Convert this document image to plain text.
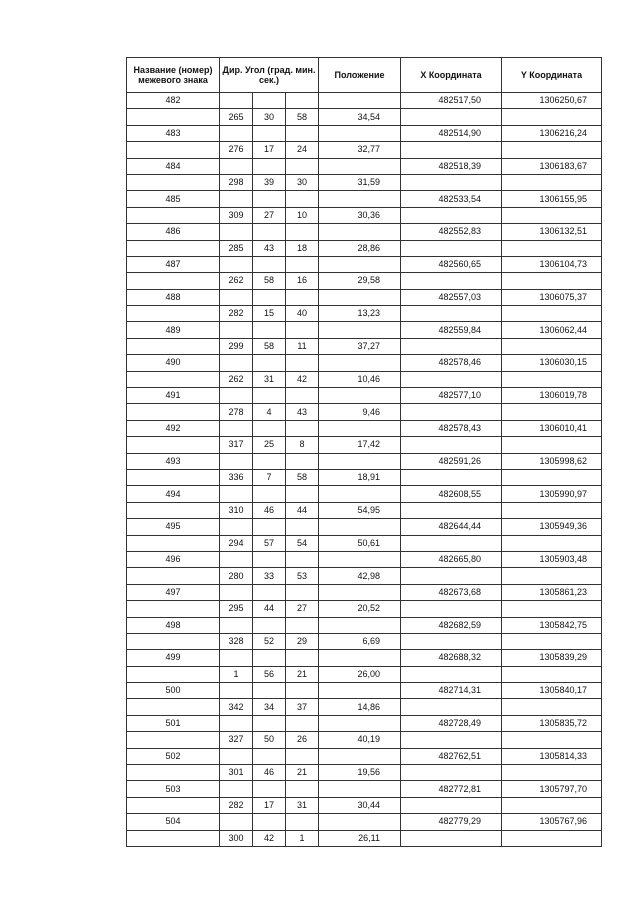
Название (номер) межевого знака	Дир. Угол (град. мин. сек.)			Положение	X Координата	Y Координата
482					482517,50	1306250,67
	265	30	58	34,54		
483					482514,90	1306216,24
	276	17	24	32,77		
484					482518,39	1306183,67
	298	39	30	31,59		
485					482533,54	1306155,95
	309	27	10	30,36		
486					482552,83	1306132,51
	285	43	18	28,86		
487					482560,65	1306104,73
	262	58	16	29,58		
488					482557,03	1306075,37
	282	15	40	13,23		
489					482559,84	1306062,44
	299	58	11	37,27		
490					482578,46	1306030,15
	262	31	42	10,46		
491					482577,10	1306019,78
	278	4	43	9,46		
492					482578,43	1306010,41
	317	25	8	17,42		
493					482591,26	1305998,62
	336	7	58	18,91		
494					482608,55	1305990,97
	310	46	44	54,95		
495					482644,44	1305949,36
	294	57	54	50,61		
496					482665,80	1305903,48
	280	33	53	42,98		
497					482673,68	1305861,23
	295	44	27	20,52		
498					482682,59	1305842,75
	328	52	29	6,69		
499					482688,32	1305839,29
	1	56	21	26,00		
500					482714,31	1305840,17
	342	34	37	14,86		
501					482728,49	1305835,72
	327	50	26	40,19		
502					482762,51	1305814,33
	301	46	21	19,56		
503					482772,81	1305797,70
	282	17	31	30,44		
504					482779,29	1305767,96
	300	42	1	26,11		
